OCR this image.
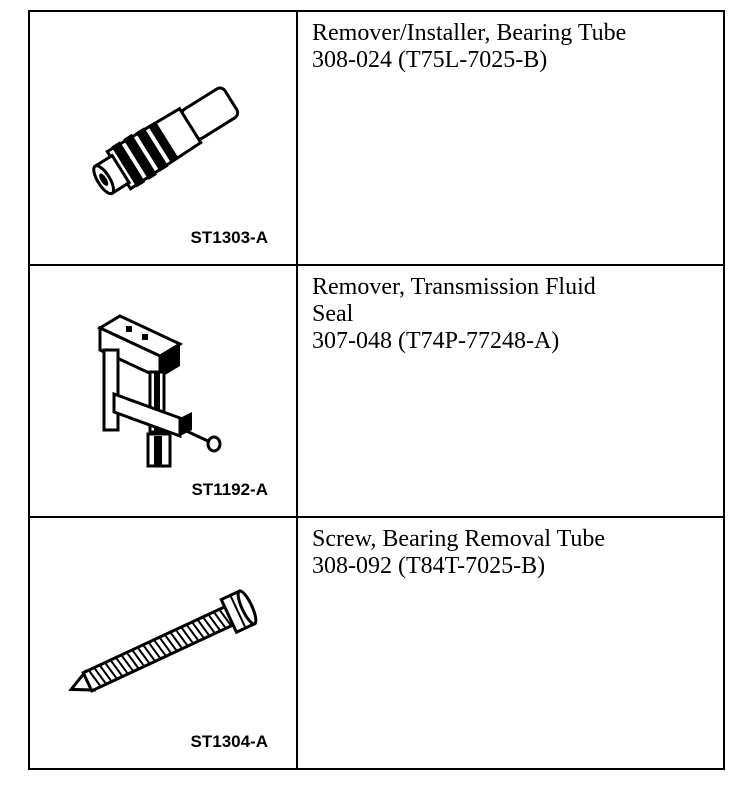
ST1303-A
Remover/Installer, Bearing Tube
308-024 (T75L-7025-B)
ST1192-A
Remover, Transmission Fluid
Seal
307-048 (T74P-77248-A)
ST1304-A
Screw, Bearing Removal Tube
308-092 (T84T-7025-B)
